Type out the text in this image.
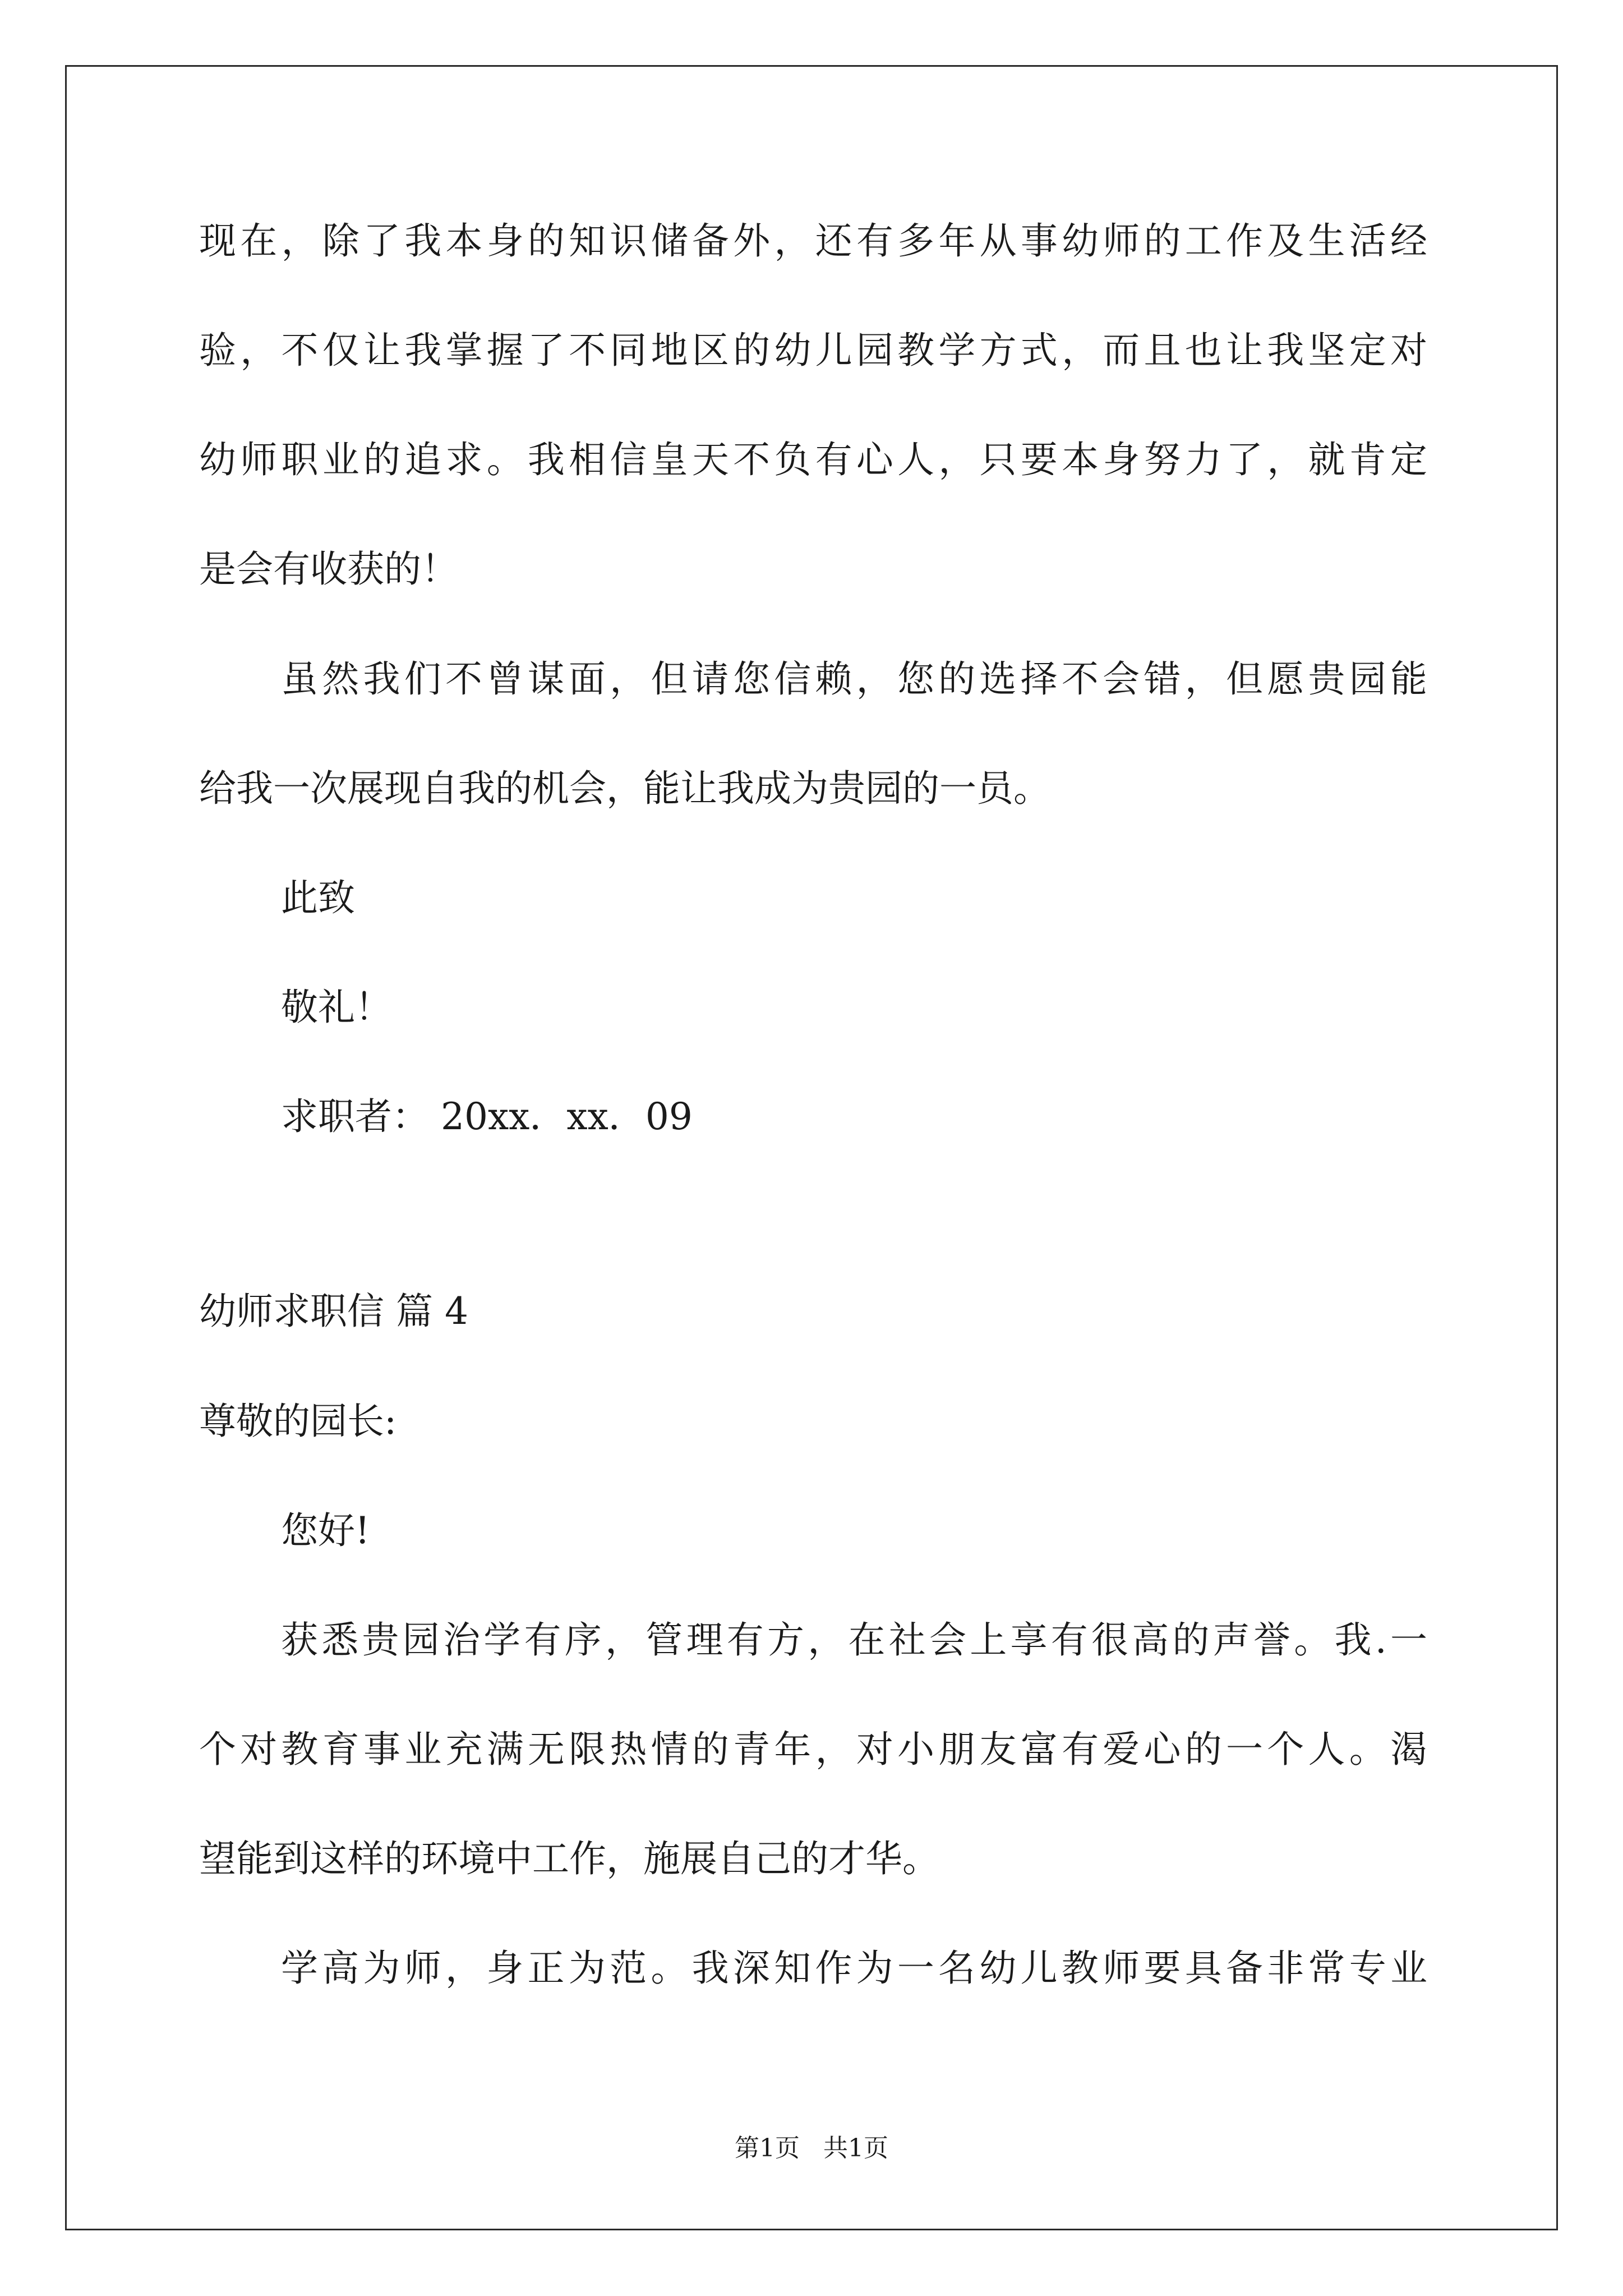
现在，除了我本身的知识储备外，还有多年从事幼师的工作及生活经
验，不仅让我掌握了不同地区的幼儿园教学方式，而且也让我坚定对
幼师职业的追求。我相信皇天不负有心人，只要本身努力了，就肯定
是会有收获的！
虽然我们不曾谋面，但请您信赖，您的选择不会错，但愿贵园能
给我一次展现自我的机会，能让我成为贵园的一员。
此致
敬礼！
求职者： 20xx．xx．09
幼师求职信 篇 4
尊敬的园长:
您好!
获悉贵园治学有序，管理有方，在社会上享有很高的声誉。我.一
个对教育事业充满无限热情的青年，对小朋友富有爱心的一个人。渴
望能到这样的环境中工作，施展自己的才华。
学高为师，身正为范。我深知作为一名幼儿教师要具备非常专业
第1页   共1页
